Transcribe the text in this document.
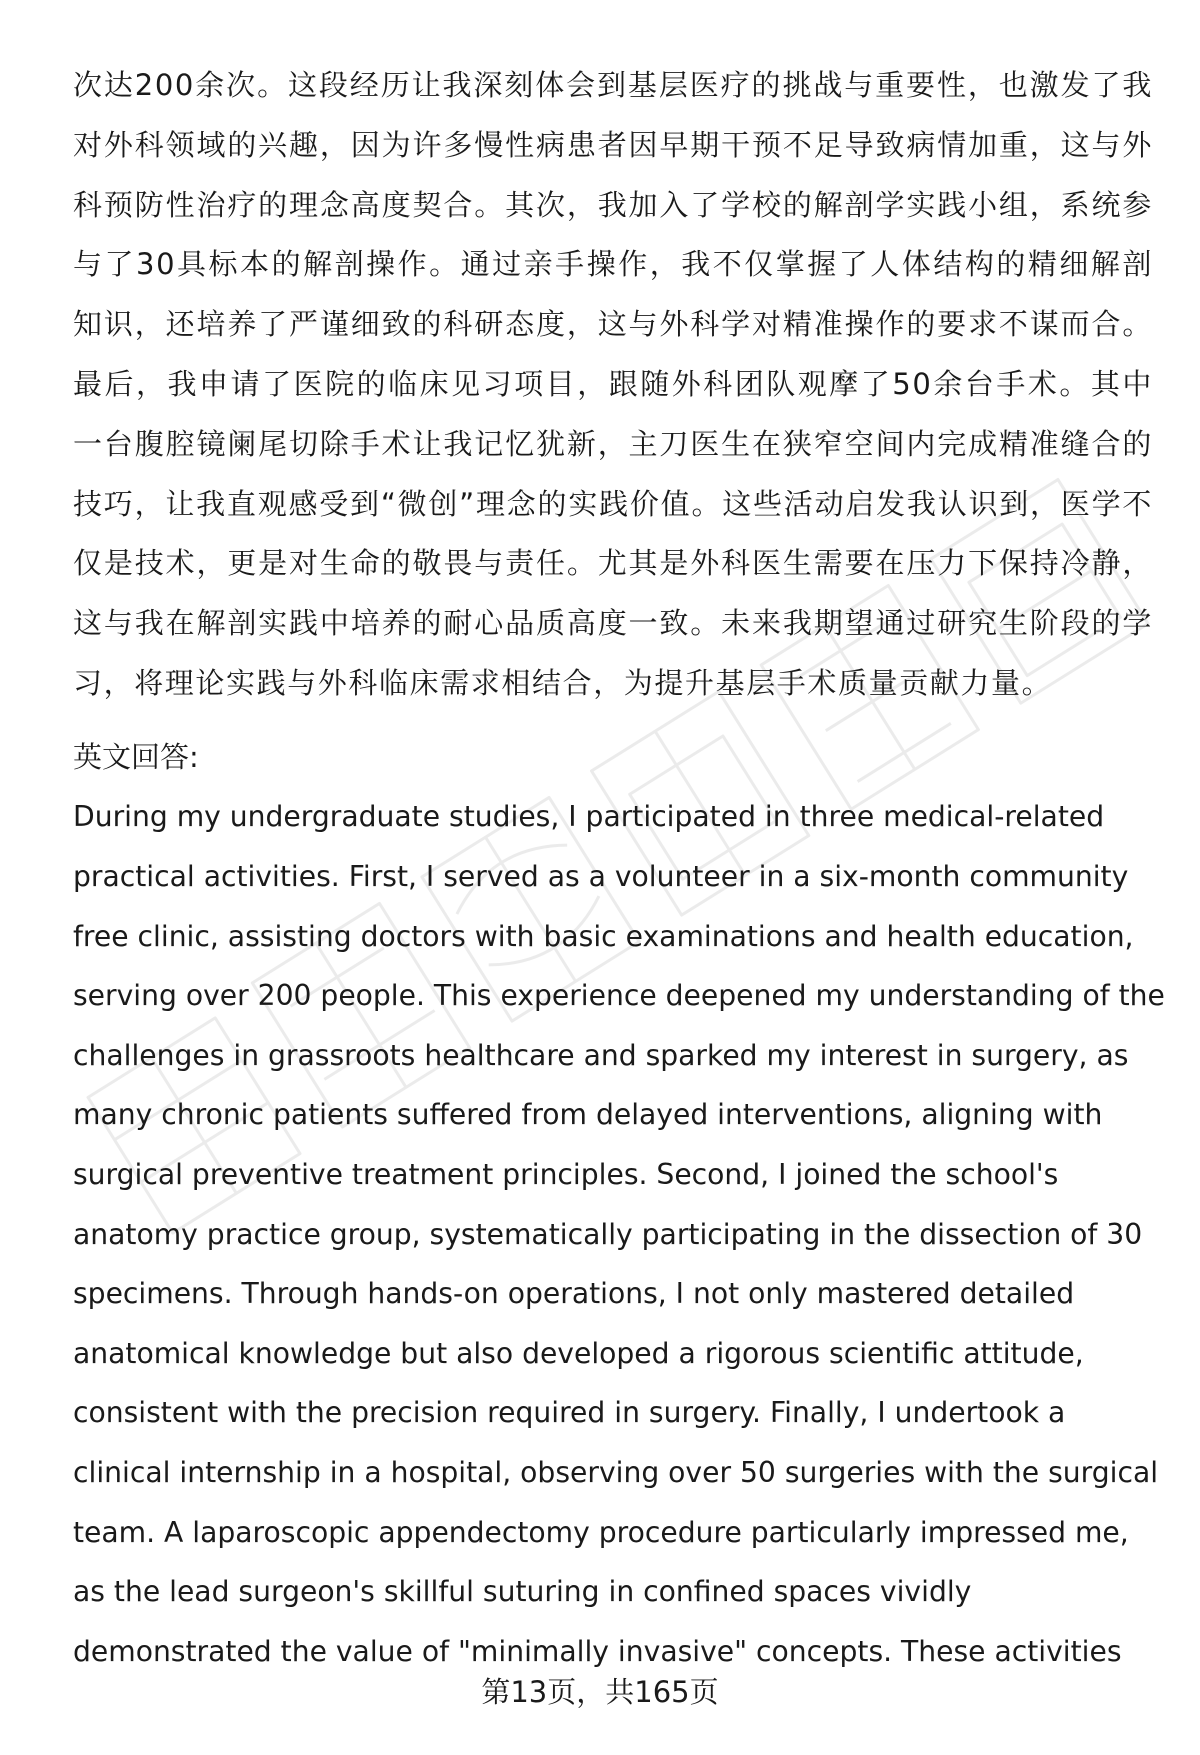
次达200余次。这段经历让我深刻体会到基层医疗的挑战与重要性，也激发了我对外科领域的兴趣，因为许多慢性病患者因早期干预不足导致病情加重，这与外科预防性治疗的理念高度契合。其次，我加入了学校的解剖学实践小组，系统参与了30具标本的解剖操作。通过亲手操作，我不仅掌握了人体结构的精细解剖知识，还培养了严谨细致的科研态度，这与外科学对精准操作的要求不谋而合。最后，我申请了医院的临床见习项目，跟随外科团队观摩了50余台手术。其中一台腹腔镜阑尾切除手术让我记忆犹新，主刀医生在狭窄空间内完成精准缝合的技巧，让我直观感受到“微创”理念的实践价值。这些活动启发我认识到，医学不仅是技术，更是对生命的敬畏与责任。尤其是外科医生需要在压力下保持冷静，这与我在解剖实践中培养的耐心品质高度一致。未来我期望通过研究生阶段的学习，将理论实践与外科临床需求相结合，为提升基层手术质量贡献力量。

英文回答:

During my undergraduate studies, I participated in three medical-related practical activities. First, I served as a volunteer in a six-month community free clinic, assisting doctors with basic examinations and health education, serving over 200 people. This experience deepened my understanding of the challenges in grassroots healthcare and sparked my interest in surgery, as many chronic patients suffered from delayed interventions, aligning with surgical preventive treatment principles. Second, I joined the school's anatomy practice group, systematically participating in the dissection of 30 specimens. Through hands-on operations, I not only mastered detailed anatomical knowledge but also developed a rigorous scientific attitude, consistent with the precision required in surgery. Finally, I undertook a clinical internship in a hospital, observing over 50 surgeries with the surgical team. A laparoscopic appendectomy procedure particularly impressed me, as the lead surgeon's skillful suturing in confined spaces vividly demonstrated the value of "minimally invasive" concepts. These activities

第13页，共165页
